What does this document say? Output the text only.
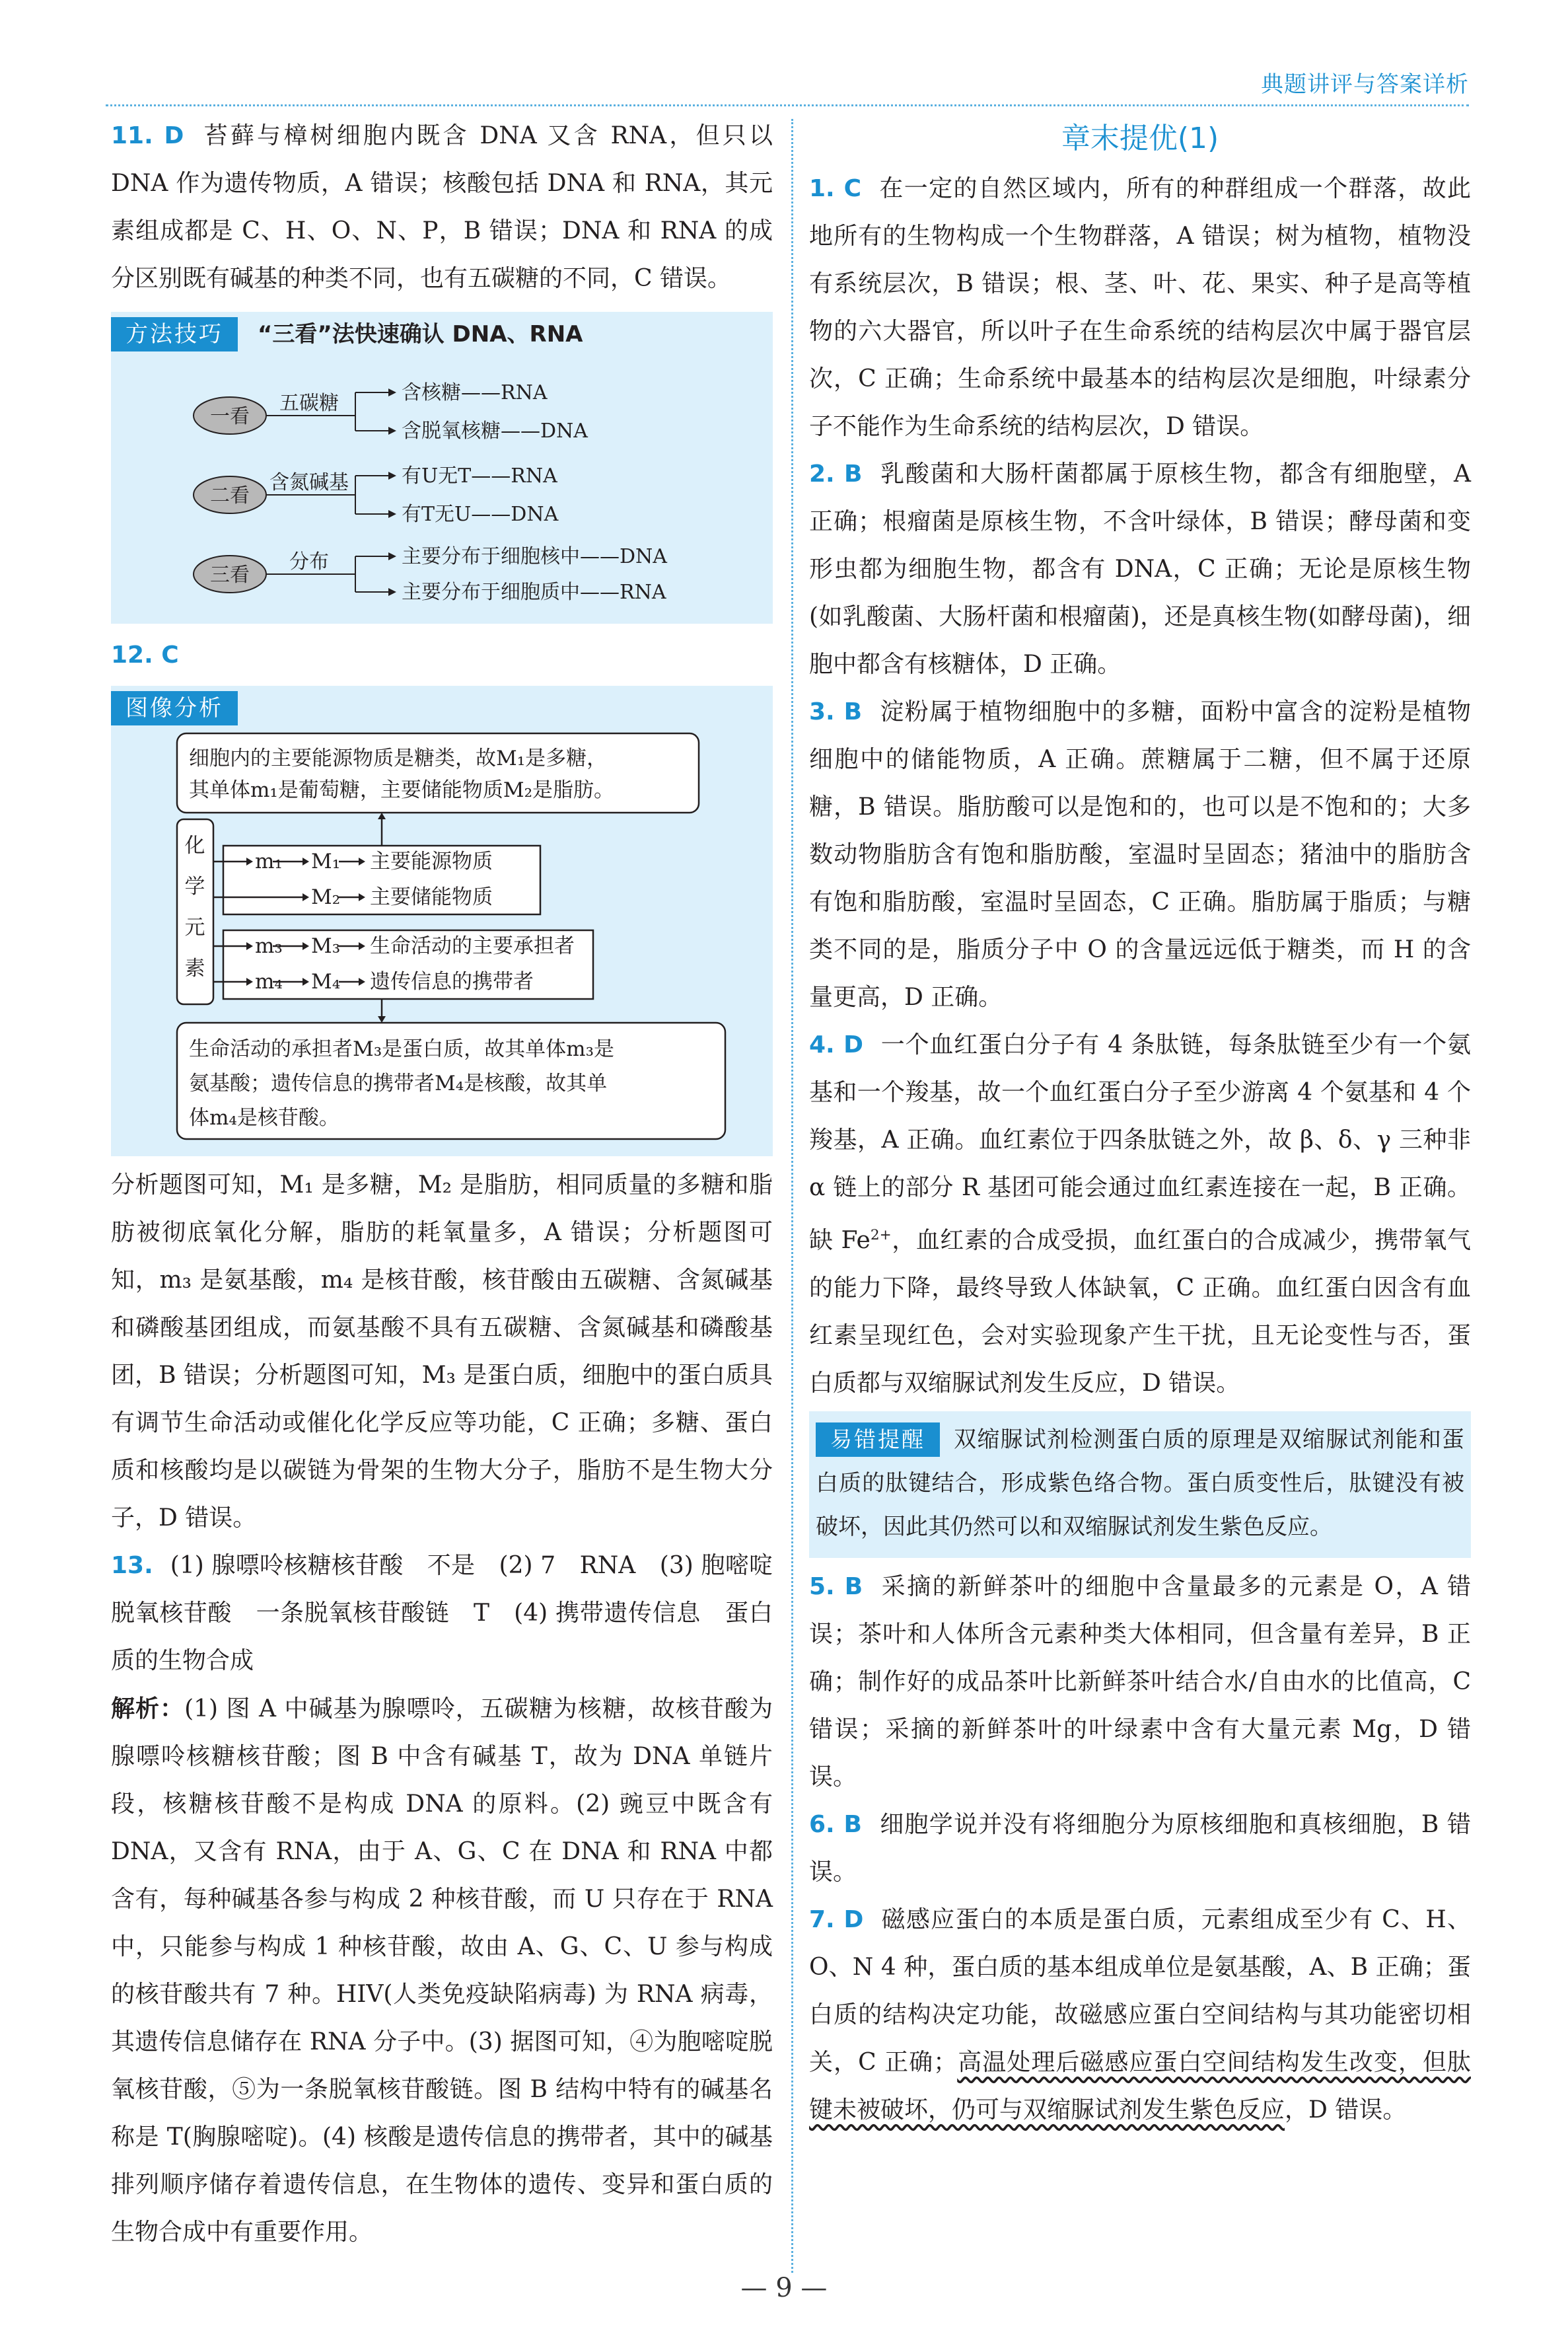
典题讲评与答案详析

11. D 苔藓与樟树细胞内既含 DNA 又含 RNA，但只以 DNA 作为遗传物质，A 错误；核酸包括 DNA 和 RNA，其元素组成都是 C、H、O、N、P，B 错误；DNA 和 RNA 的成分区别既有碱基的种类不同，也有五碳糖的不同，C 错误。

方法技巧 “三看”法快速确认 DNA、RNA
一看
二看
三看
五碳糖
含氮碱基
分布
含核糖——RNA
含脱氧核糖——DNA
有U无T——RNA
有T无U——DNA
主要分布于细胞核中——DNA
主要分布于细胞质中——RNA

12. C

图像分析
细胞内的主要能源物质是糖类，故M₁是多糖，
其单体m₁是葡萄糖，主要储能物质M₂是脂肪。
化
学
元
素
m₁ M₁ 主要能源物质
M₂ 主要储能物质
m₃ M₃ 生命活动的主要承担者
m₄ M₄ 遗传信息的携带者
生命活动的承担者M₃是蛋白质，故其单体m₃是
氨基酸；遗传信息的携带者M₄是核酸，故其单
体m₄是核苷酸。

分析题图可知，M₁ 是多糖，M₂ 是脂肪，相同质量的多糖和脂肪被彻底氧化分解，脂肪的耗氧量多，A 错误；分析题图可知，m₃ 是氨基酸，m₄ 是核苷酸，核苷酸由五碳糖、含氮碱基和磷酸基团组成，而氨基酸不具有五碳糖、含氮碱基和磷酸基团，B 错误；分析题图可知，M₃ 是蛋白质，细胞中的蛋白质具有调节生命活动或催化化学反应等功能，C 正确；多糖、蛋白质和核酸均是以碳链为骨架的生物大分子，脂肪不是生物大分子，D 错误。

13. (1) 腺嘌呤核糖核苷酸　不是　(2) 7　RNA　(3) 胞嘧啶脱氧核苷酸　一条脱氧核苷酸链　T　(4) 携带遗传信息　蛋白质的生物合成

解析：(1) 图 A 中碱基为腺嘌呤，五碳糖为核糖，故核苷酸为腺嘌呤核糖核苷酸；图 B 中含有碱基 T，故为 DNA 单链片段，核糖核苷酸不是构成 DNA 的原料。(2) 豌豆中既含有 DNA，又含有 RNA，由于 A、G、C 在 DNA 和 RNA 中都含有，每种碱基各参与构成 2 种核苷酸，而 U 只存在于 RNA 中，只能参与构成 1 种核苷酸，故由 A、G、C、U 参与构成的核苷酸共有 7 种。HIV(人类免疫缺陷病毒) 为 RNA 病毒，其遗传信息储存在 RNA 分子中。(3) 据图可知，④为胞嘧啶脱氧核苷酸，⑤为一条脱氧核苷酸链。图 B 结构中特有的碱基名称是 T(胸腺嘧啶)。(4) 核酸是遗传信息的携带者，其中的碱基排列顺序储存着遗传信息，在生物体的遗传、变异和蛋白质的生物合成中有重要作用。

章末提优(1)

1. C 在一定的自然区域内，所有的种群组成一个群落，故此地所有的生物构成一个生物群落，A 错误；树为植物，植物没有系统层次，B 错误；根、茎、叶、花、果实、种子是高等植物的六大器官，所以叶子在生命系统的结构层次中属于器官层次，C 正确；生命系统中最基本的结构层次是细胞，叶绿素分子不能作为生命系统的结构层次，D 错误。

2. B 乳酸菌和大肠杆菌都属于原核生物，都含有细胞壁，A 正确；根瘤菌是原核生物，不含叶绿体，B 错误；酵母菌和变形虫都为细胞生物，都含有 DNA，C 正确；无论是原核生物(如乳酸菌、大肠杆菌和根瘤菌)，还是真核生物(如酵母菌)，细胞中都含有核糖体，D 正确。

3. B 淀粉属于植物细胞中的多糖，面粉中富含的淀粉是植物细胞中的储能物质，A 正确。蔗糖属于二糖，但不属于还原糖，B 错误。脂肪酸可以是饱和的，也可以是不饱和的；大多数动物脂肪含有饱和脂肪酸，室温时呈固态；猪油中的脂肪含有饱和脂肪酸，室温时呈固态，C 正确。脂肪属于脂质；与糖类不同的是，脂质分子中 O 的含量远远低于糖类，而 H 的含量更高，D 正确。

4. D 一个血红蛋白分子有 4 条肽链，每条肽链至少有一个氨基和一个羧基，故一个血红蛋白分子至少游离 4 个氨基和 4 个羧基，A 正确。血红素位于四条肽链之外，故 β、δ、γ 三种非 α 链上的部分 R 基团可能会通过血红素连接在一起，B 正确。缺 $Fe^{2+}$，血红素的合成受损，血红蛋白的合成减少，携带氧气的能力下降，最终导致人体缺氧，C 正确。血红蛋白因含有血红素呈现红色，会对实验现象产生干扰，且无论变性与否，蛋白质都与双缩脲试剂发生反应，D 错误。

易错提醒 双缩脲试剂检测蛋白质的原理是双缩脲试剂能和蛋白质的肽键结合，形成紫色络合物。蛋白质变性后，肽键没有被破坏，因此其仍然可以和双缩脲试剂发生紫色反应。

5. B 采摘的新鲜茶叶的细胞中含量最多的元素是 O，A 错误；茶叶和人体所含元素种类大体相同，但含量有差异，B 正确；制作好的成品茶叶比新鲜茶叶结合水/自由水的比值高，C 错误；采摘的新鲜茶叶的叶绿素中含有大量元素 Mg，D 错误。

6. B 细胞学说并没有将细胞分为原核细胞和真核细胞，B 错误。

7. D 磁感应蛋白的本质是蛋白质，元素组成至少有 C、H、O、N 4 种，蛋白质的基本组成单位是氨基酸，A、B 正确；蛋白质的结构决定功能，故磁感应蛋白空间结构与其功能密切相关，C 正确；高温处理后磁感应蛋白空间结构发生改变，但肽键未被破坏，仍可与双缩脲试剂发生紫色反应，D 错误。

— 9 —
